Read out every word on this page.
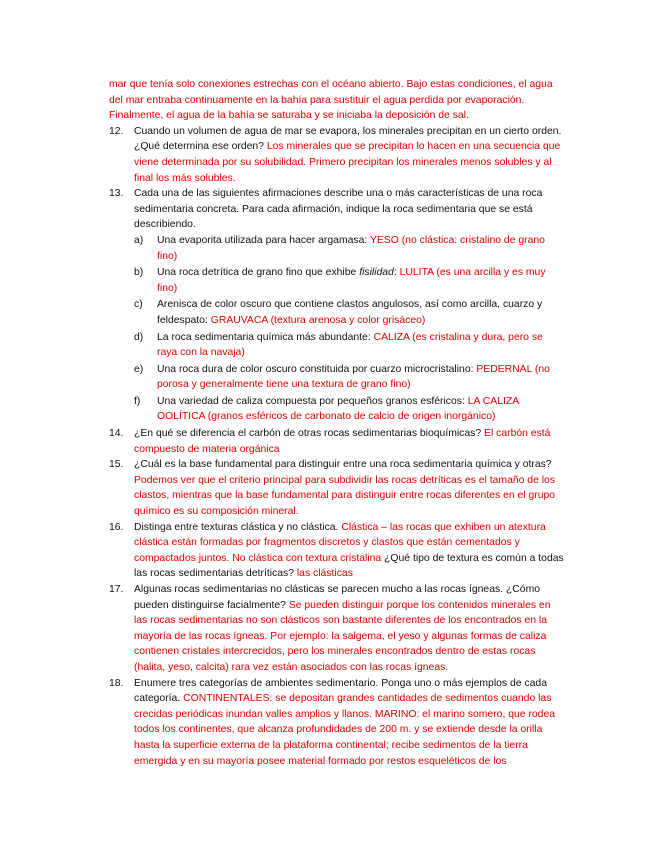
mar que tenía solo conexiones estrechas con el océano abierto. Bajo estas condiciones, el agua del mar entraba continuamente en la bahía para sustituir el agua perdida por evaporación. Finalmente, el agua de la bahía se saturaba y se iniciaba la deposición de sal.

12. Cuando un volumen de agua de mar se evapora, los minerales precipitan en un cierto orden. ¿Qué determina ese orden? Los minerales que se precipitan lo hacen en una secuencia que viene determinada por su solubilidad. Primero precipitan los minerales menos solubles y al final los más solubles.
13. Cada una de las siguientes afirmaciones describe una o más características de una roca sedimentaria concreta. Para cada afirmación, indique la roca sedimentaria que se está describiendo.
a) Una evaporita utilizada para hacer argamasa: YESO (no clástica: cristalino de grano fino)
b) Una roca detrítica de grano fino que exhibe fisilidad: LULITA (es una arcilla y es muy fino)
c) Arenisca de color oscuro que contiene clastos angulosos, así como arcilla, cuarzo y feldespato: GRAUVACA (textura arenosa y color grisáceo)
d) La roca sedimentaria química más abundante: CALIZA (es cristalina y dura, pero se raya con la navaja)
e) Una roca dura de color oscuro constituida por cuarzo microcristalino: PEDERNAL (no porosa y generalmente tiene una textura de grano fino)
f) Una variedad de caliza compuesta por pequeños granos esféricos: LA CALIZA OOLÍTICA (granos esféricos de carbonato de calcio de origen inorgánico)
14. ¿En qué se diferencia el carbón de otras rocas sedimentarias bioquímicas? El carbón está compuesto de materia orgánica
15. ¿Cuál es la base fundamental para distinguir entre una roca sedimentaria química y otras? Podemos ver que el criterio principal para subdividir las rocas detríticas es el tamaño de los clastos, mientras que la base fundamental para distinguir entre rocas diferentes en el grupo químico es su composición mineral.
16. Distinga entre texturas clástica y no clástica. Clástica – las rocas que exhiben un atextura clástica están formadas por fragmentos discretos y clastos que están cementados y compactados juntos. No clástica con textura cristalina ¿Qué tipo de textura es común a todas las rocas sedimentarias detríticas? las clásticas
17. Algunas rocas sedimentarias no clásticas se parecen mucho a las rocas ígneas. ¿Cómo pueden distinguirse facialmente? Se pueden distinguir porque los contenidos minerales en las rocas sedimentarias no son clásticos son bastante diferentes de los encontrados en la mayoría de las rocas ígneas. Por ejemplo: la salgema, el yeso y algunas formas de caliza contienen cristales intercrecidos, pero los minerales encontrados dentro de estas rocas (halita, yeso, calcita) rara vez están asociados con las rocas ígneas.
18. Enumere tres categorías de ambientes sedimentario. Ponga uno o más ejemplos de cada categoría. CONTINENTALES: se depositan grandes cantidades de sedimentos cuando las crecidas periódicas inundan valles amplios y llanos. MARINO: el marino somero, que rodea todos los continentes, que alcanza profundidades de 200 m. y se extiende desde la orilla hasta la superficie externa de la plataforma continental; recibe sedimentos de la tierra emergida y en su mayoría posee material formado por restos esqueléticos de los
